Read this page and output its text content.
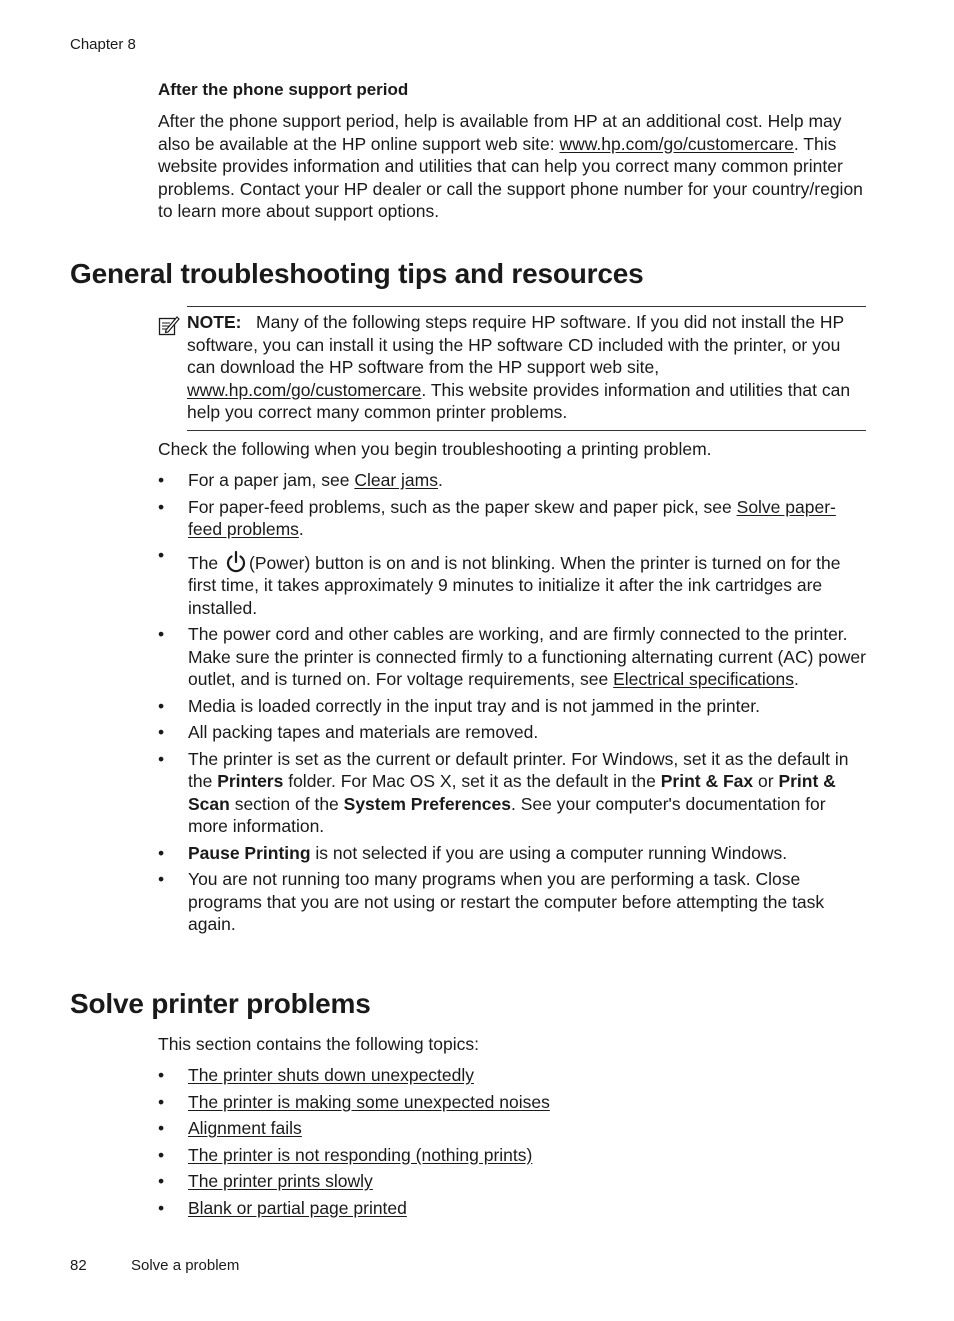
Chapter 8
After the phone support period
After the phone support period, help is available from HP at an additional cost. Help may also be available at the HP online support web site: www.hp.com/go/customercare. This website provides information and utilities that can help you correct many common printer problems. Contact your HP dealer or call the support phone number for your country/region to learn more about support options.
General troubleshooting tips and resources
NOTE: Many of the following steps require HP software. If you did not install the HP software, you can install it using the HP software CD included with the printer, or you can download the HP software from the HP support web site, www.hp.com/go/customercare. This website provides information and utilities that can help you correct many common printer problems.
Check the following when you begin troubleshooting a printing problem.
• For a paper jam, see Clear jams.
• For paper-feed problems, such as the paper skew and paper pick, see Solve paper-feed problems.
• The (Power) button is on and is not blinking. When the printer is turned on for the first time, it takes approximately 9 minutes to initialize it after the ink cartridges are installed.
• The power cord and other cables are working, and are firmly connected to the printer. Make sure the printer is connected firmly to a functioning alternating current (AC) power outlet, and is turned on. For voltage requirements, see Electrical specifications.
• Media is loaded correctly in the input tray and is not jammed in the printer.
• All packing tapes and materials are removed.
• The printer is set as the current or default printer. For Windows, set it as the default in the Printers folder. For Mac OS X, set it as the default in the Print & Fax or Print & Scan section of the System Preferences. See your computer's documentation for more information.
• Pause Printing is not selected if you are using a computer running Windows.
• You are not running too many programs when you are performing a task. Close programs that you are not using or restart the computer before attempting the task again.
Solve printer problems
This section contains the following topics:
• The printer shuts down unexpectedly
• The printer is making some unexpected noises
• Alignment fails
• The printer is not responding (nothing prints)
• The printer prints slowly
• Blank or partial page printed
82	Solve a problem
